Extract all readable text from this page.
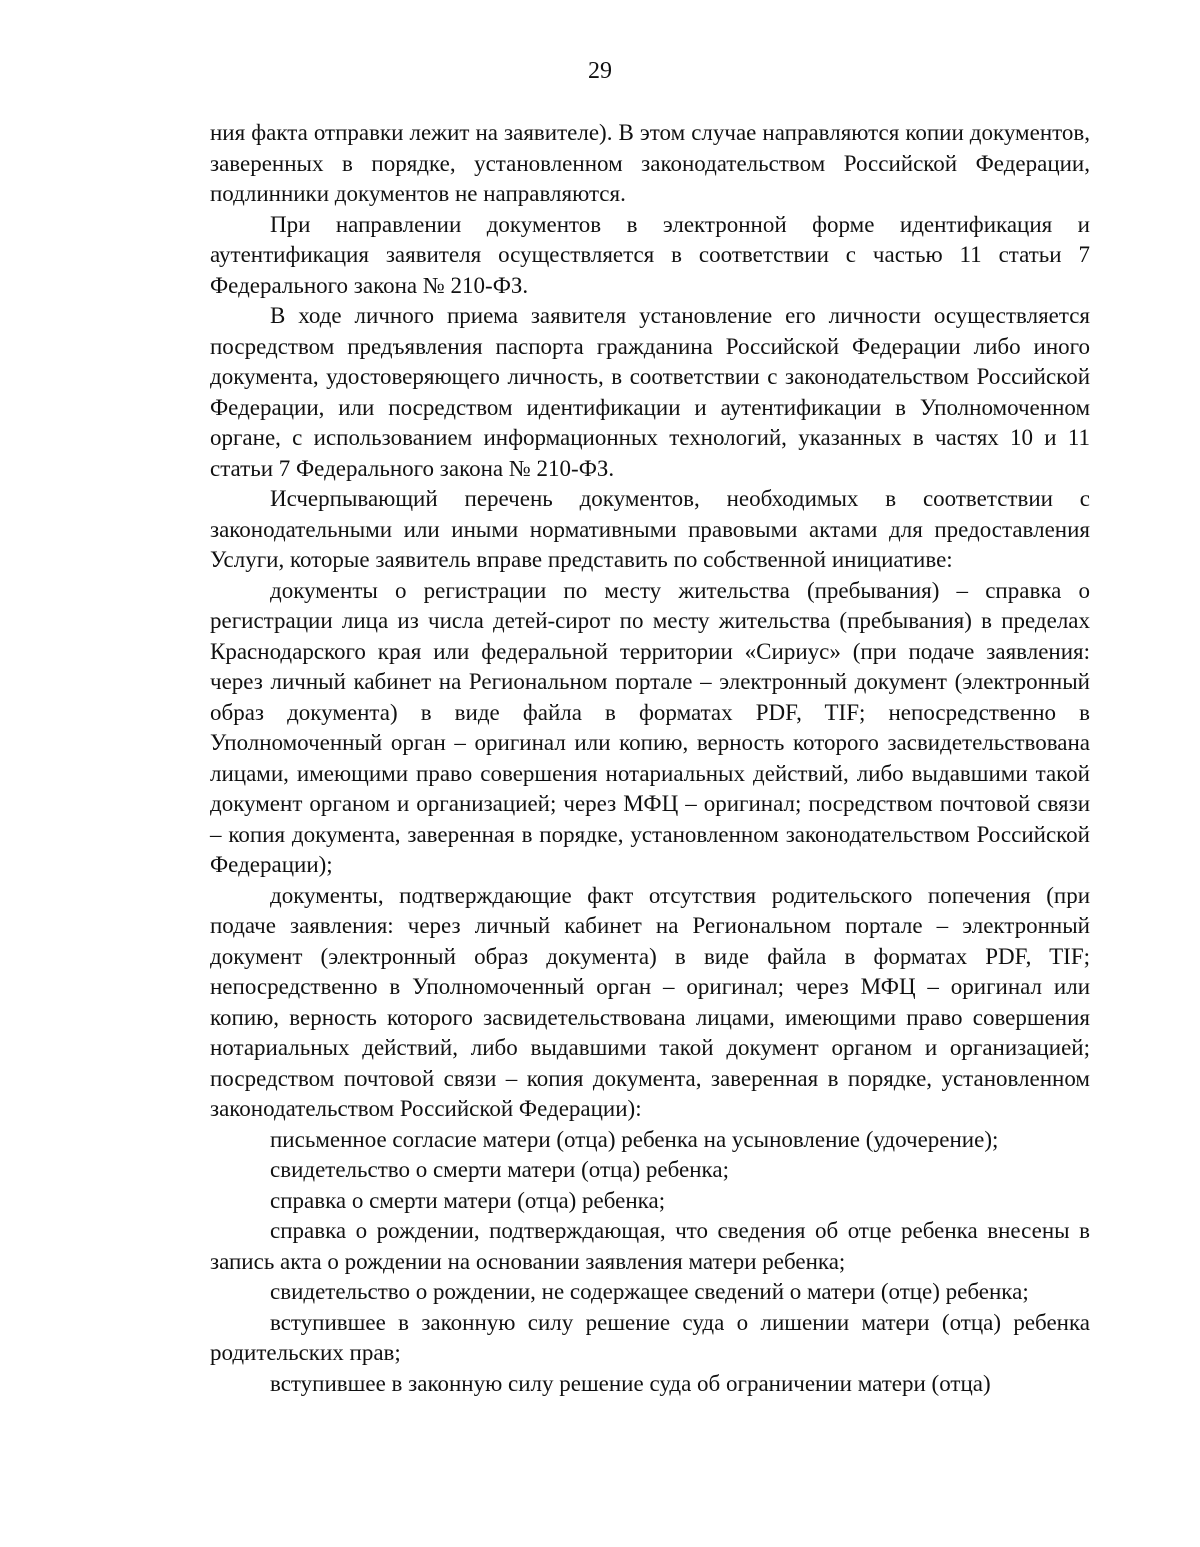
29

ния факта отправки лежит на заявителе). В этом случае направляются копии документов, заверенных в порядке, установленном законодательством Российской Федерации, подлинники документов не направляются.

При направлении документов в электронной форме идентификация и аутентификация заявителя осуществляется в соответствии с частью 11 статьи 7 Федерального закона № 210-ФЗ.

В ходе личного приема заявителя установление его личности осуществляется посредством предъявления паспорта гражданина Российской Федерации либо иного документа, удостоверяющего личность, в соответствии с законодательством Российской Федерации, или посредством идентификации и аутентификации в Уполномоченном органе, с использованием информационных технологий, указанных в частях 10 и 11 статьи 7 Федерального закона № 210-ФЗ.

Исчерпывающий перечень документов, необходимых в соответствии с законодательными или иными нормативными правовыми актами для предоставления Услуги, которые заявитель вправе представить по собственной инициативе:

документы о регистрации по месту жительства (пребывания) – справка о регистрации лица из числа детей-сирот по месту жительства (пребывания) в пределах Краснодарского края или федеральной территории «Сириус» (при подаче заявления: через личный кабинет на Региональном портале – электронный документ (электронный образ документа) в виде файла в форматах PDF, TIF; непосредственно в Уполномоченный орган – оригинал или копию, верность которого засвидетельствована лицами, имеющими право совершения нотариальных действий, либо выдавшими такой документ органом и организацией; через МФЦ – оригинал; посредством почтовой связи – копия документа, заверенная в порядке, установленном законодательством Российской Федерации);

документы, подтверждающие факт отсутствия родительского попечения (при подаче заявления: через личный кабинет на Региональном портале – электронный документ (электронный образ документа) в виде файла в форматах PDF, TIF; непосредственно в Уполномоченный орган – оригинал; через МФЦ – оригинал или копию, верность которого засвидетельствована лицами, имеющими право совершения нотариальных действий, либо выдавшими такой документ органом и организацией; посредством почтовой связи – копия документа, заверенная в порядке, установленном законодательством Российской Федерации):

письменное согласие матери (отца) ребенка на усыновление (удочерение);

свидетельство о смерти матери (отца) ребенка;

справка о смерти матери (отца) ребенка;

справка о рождении, подтверждающая, что сведения об отце ребенка внесены в запись акта о рождении на основании заявления матери ребенка;

свидетельство о рождении, не содержащее сведений о матери (отце) ребенка;

вступившее в законную силу решение суда о лишении матери (отца) ребенка родительских прав;

вступившее в законную силу решение суда об ограничении матери (отца)
